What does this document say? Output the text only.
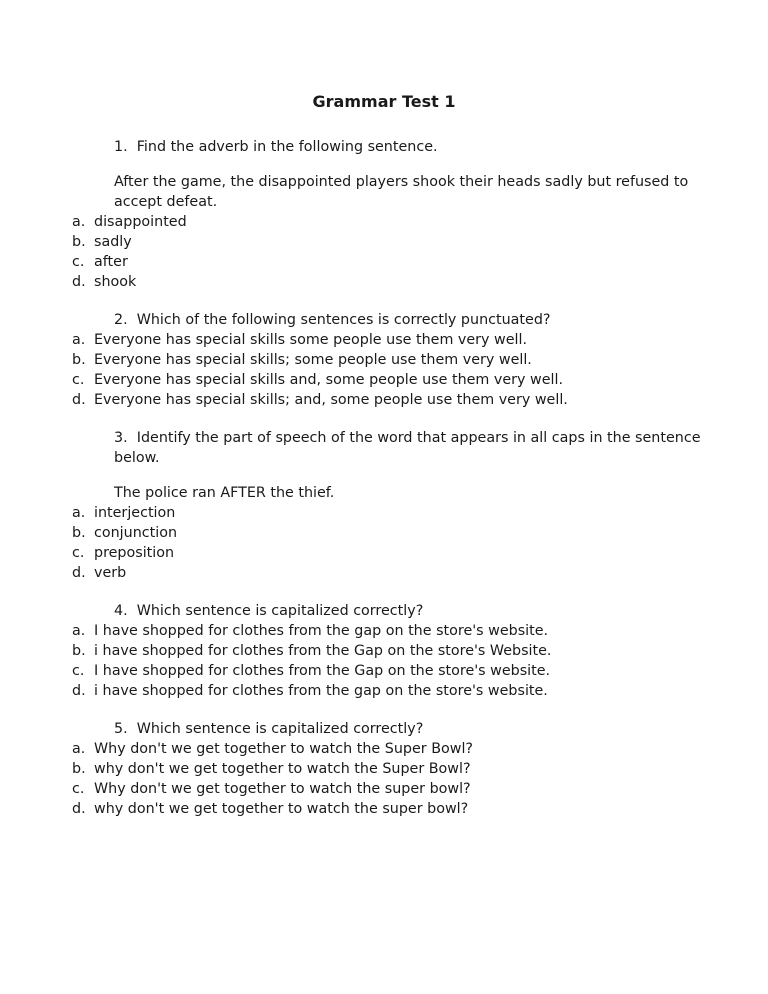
Grammar Test 1
1.  Find the adverb in the following sentence.
After the game, the disappointed players shook their heads sadly but refused to accept defeat.
a. disappointed
b. sadly
c. after
d. shook
2.  Which of the following sentences is correctly punctuated?
a. Everyone has special skills some people use them very well.
b. Everyone has special skills; some people use them very well.
c. Everyone has special skills and, some people use them very well.
d. Everyone has special skills; and, some people use them very well.
3.  Identify the part of speech of the word that appears in all caps in the sentence below.
The police ran AFTER the thief.
a. interjection
b. conjunction
c. preposition
d. verb
4.  Which sentence is capitalized correctly?
a. I have shopped for clothes from the gap on the store's website.
b. i have shopped for clothes from the Gap on the store's Website.
c. I have shopped for clothes from the Gap on the store's website.
d. i have shopped for clothes from the gap on the store's website.
5.  Which sentence is capitalized correctly?
a. Why don't we get together to watch the Super Bowl?
b. why don't we get together to watch the Super Bowl?
c. Why don't we get together to watch the super bowl?
d. why don't we get together to watch the super bowl?
